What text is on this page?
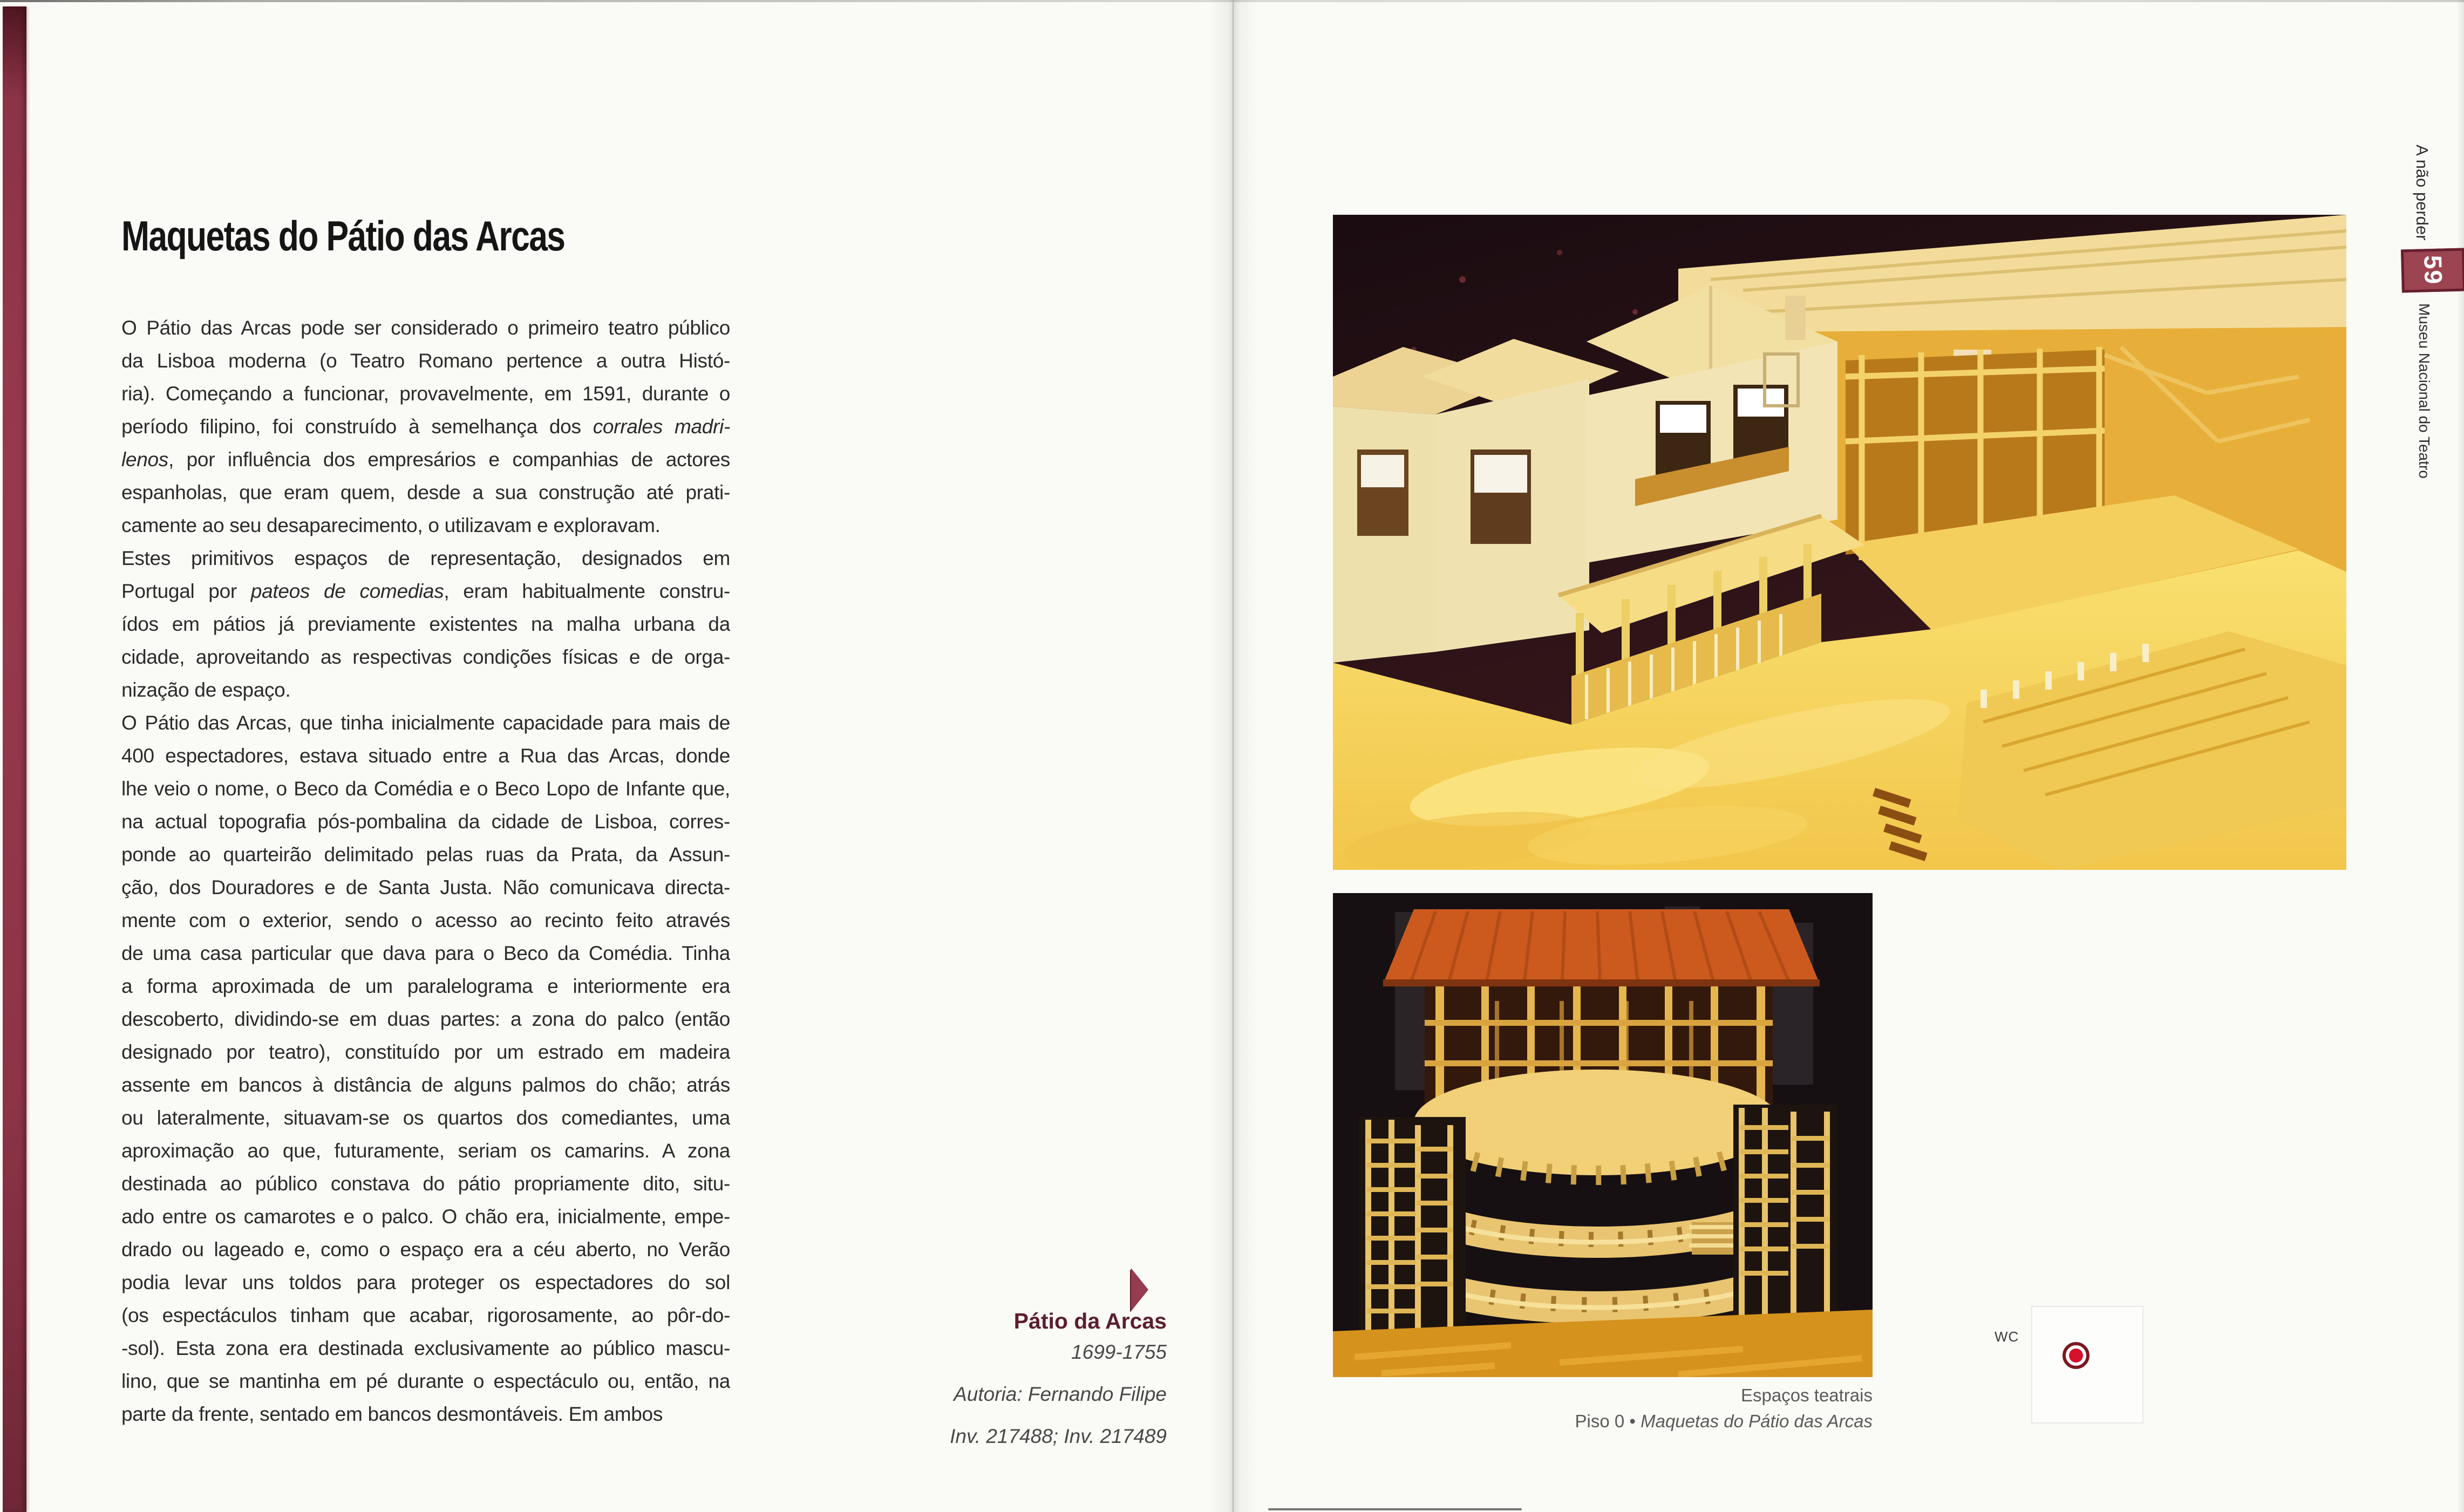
Maquetas do Pátio das Arcas
O Pátio das Arcas pode ser considerado o primeiro teatro público
da Lisboa moderna (o Teatro Romano pertence a outra Histó-
ria). Começando a funcionar, provavelmente, em 1591, durante o
período filipino, foi construído à semelhança dos corrales madri-
lenos, por influência dos empresários e companhias de actores
espanholas, que eram quem, desde a sua construção até prati-
camente ao seu desaparecimento, o utilizavam e exploravam.
Estes primitivos espaços de representação, designados em
Portugal por pateos de comedias, eram habitualmente constru-
ídos em pátios já previamente existentes na malha urbana da
cidade, aproveitando as respectivas condições físicas e de orga-
nização de espaço.
O Pátio das Arcas, que tinha inicialmente capacidade para mais de
400 espectadores, estava situado entre a Rua das Arcas, donde
lhe veio o nome, o Beco da Comédia e o Beco Lopo de Infante que,
na actual topografia pós-pombalina da cidade de Lisboa, corres-
ponde ao quarteirão delimitado pelas ruas da Prata, da Assun-
ção, dos Douradores e de Santa Justa. Não comunicava directa-
mente com o exterior, sendo o acesso ao recinto feito através
de uma casa particular que dava para o Beco da Comédia. Tinha
a forma aproximada de um paralelograma e interiormente era
descoberto, dividindo-se em duas partes: a zona do palco (então
designado por teatro), constituído por um estrado em madeira
assente em bancos à distância de alguns palmos do chão; atrás
ou lateralmente, situavam-se os quartos dos comediantes, uma
aproximação ao que, futuramente, seriam os camarins. A zona
destinada ao público constava do pátio propriamente dito, situ-
ado entre os camarotes e o palco. O chão era, inicialmente, empe-
drado ou lageado e, como o espaço era a céu aberto, no Verão
podia levar uns toldos para proteger os espectadores do sol
(os espectáculos tinham que acabar, rigorosamente, ao pôr-do-
-sol). Esta zona era destinada exclusivamente ao público mascu-
lino, que se mantinha em pé durante o espectáculo ou, então, na
parte da frente, sentado em bancos desmontáveis. Em ambos
Pátio da Arcas
1699-1755
Autoria: Fernando Filipe
Inv. 217488; Inv. 217489
WC
Espaços teatrais
Piso 0 • Maquetas do Pátio das Arcas
A não perder
59
Museu Nacional do Teatro
